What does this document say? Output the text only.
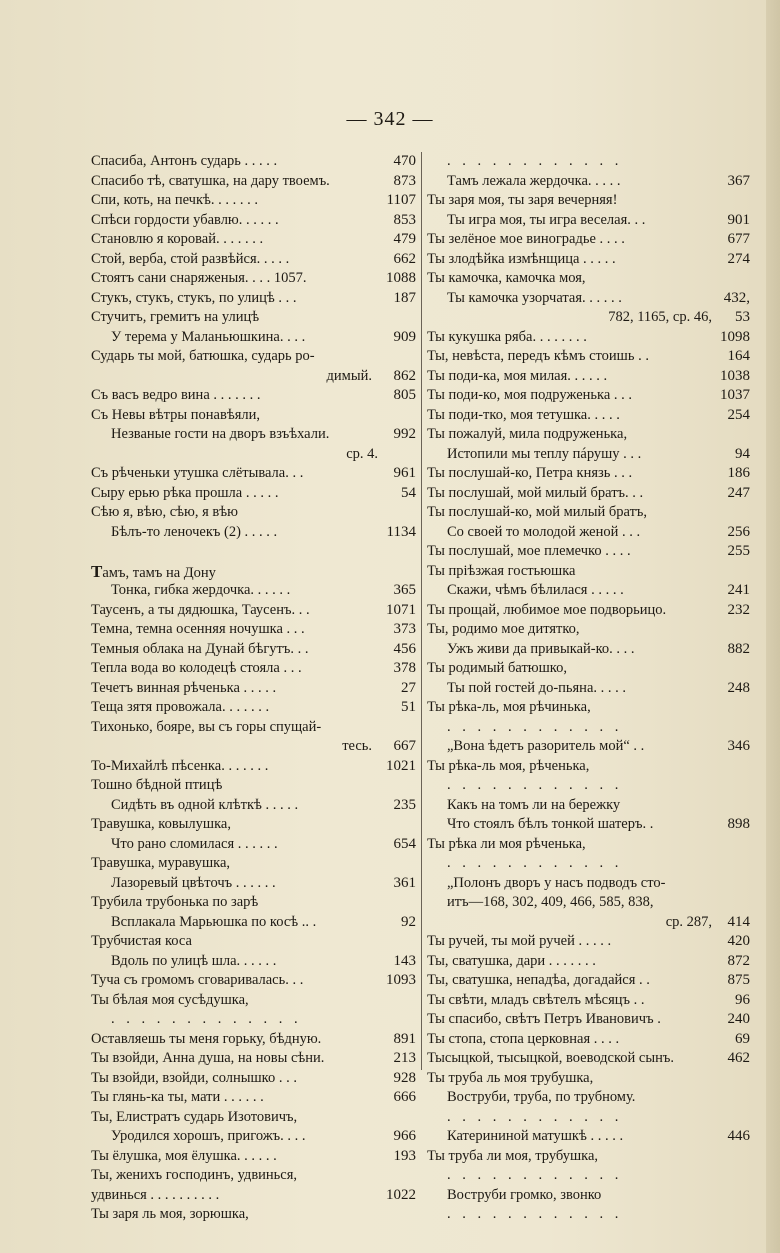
— 342 —
Спасиба, Антонъ сударь . . . . .	470
Спасибо тѣ, сватушка, на дару твоемъ.	873
Спи, коть, на печкѣ. . . . . . .	1107
Спѣси гордости убавлю. . . . . .	853
Становлю я коровай. . . . . . .	479
Стой, верба, стой развѣйся. . . . .	662
Стоятъ сани снаряженыя. . . . 1057.	1088
Стукъ, стукъ, стукъ, по улицѣ . . .	187
Стучитъ, гремитъ на улицѣ
У терема у Маланьюшкина. . . .	909
Сударь ты мой, батюшка, сударь ро-
димый. 862
Съ васъ ведро вина . . . . . . .	805
Съ Невы вѣтры понавѣяли,
Незваные гости на дворъ взъѣхали.	992
ср. 4.
Съ рѣченьки утушка слётывала. . .	961
Сыру ерью рѣка прошла . . . . .	54
Сѣю я, вѣю, сѣю, я вѣю
Бѣлъ-то леночекъ (2) . . . . .	1134
Тамъ, тамъ на Дону
Тонка, гибка жердочка. . . . . .	365
Таусенъ, а ты дядюшка, Таусенъ. . .	1071
Темна, темна осенняя ночушка . . .	373
Темныя облака на Дунай бѣгутъ. . .	456
Тепла вода во колодецѣ стояла . . .	378
Течетъ винная рѣченька . . . . .	27
Теща зятя провожала. . . . . . .	51
Тихонько, бояре, вы съ горы спущай-
тесь. 667
То-Михайлѣ пѣсенка. . . . . . .	1021
Тошно бѣдной птицѣ
Сидѣть въ одной клѣткѣ . . . . .	235
Травушка, ковылушка,
Что рано сломилася . . . . . .	654
Травушка, муравушка,
Лазоревый цвѣточъ . . . . . .	361
Трубила трубонька по зарѣ
Всплакала Марьюшка по косѣ .. .	92
Трубчистая коса
Вдоль по улицѣ шла. . . . . .	143
Туча съ громомъ сговаривалась. . .	1093
Ты бѣлая моя сусѣдушка,
. . . . . . . . . . . . .
Оставляешь ты меня горьку, бѣдную.	891
Ты взойди, Анна душа, на новы сѣни.	213
Ты взойди, взойди, солнышко . . .	928
Ты глянь-ка ты, мати . . . . . .	666
Ты, Елистратъ сударь Изотовичъ,
Уродился хорошъ, пригожъ. . . .	966
Ты ёлушка, моя ёлушка. . . . . .	193
Ты, женихъ господинъ, удвинься,
удвинься . . . . . . . . . .	1022
Ты заря ль моя, зорюшка,
. . . . . . . . . . . .
Тамъ лежала жердочка. . . . .	367
Ты заря моя, ты заря вечерняя!
Ты игра моя, ты игра веселая. . .	901
Ты зелёное мое виноградье . . . .	677
Ты злодѣйка измѣнщица . . . . .	274
Ты камочка, камочка моя,
Ты камочка узорчатая. . . . . .	432,
782, 1165, ср. 46, 53
Ты кукушка ряба. . . . . . . .	1098
Ты, невѣста, передъ кѣмъ стоишь . .	164
Ты поди-ка, моя милая. . . . . .	1038
Ты поди-ко, моя подруженька . . .	1037
Ты поди-тко, моя тетушка. . . . .	254
Ты пожалуй, мила подруженька,
Истопили мы теплу пáрушу . . .	94
Ты послушай-ко, Петра князь . . .	186
Ты послушай, мой милый братъ. . .	247
Ты послушай-ко, мой милый братъ,
Со своей то молодой женой . . .	256
Ты послушай, мое племечко . . . .	255
Ты пріѣзжая гостьюшка
Скажи, чѣмъ бѣлилася . . . . .	241
Ты прощай, любимое мое подворьицо.	232
Ты, родимо мое дитятко,
Ужъ живи да привыкай-ко. . . .	882
Ты родимый батюшко,
Ты пой гостей до-пьяна. . . . .	248
Ты рѣка-ль, моя рѣчинька,
. . . . . . . . . . . .
„Вона ѣдетъ разоритель мой“ . .	346
Ты рѣка-ль моя, рѣченька,
. . . . . . . . . . . .
Какъ на томъ ли на бережку
Что стоялъ бѣлъ тонкой шатеръ. .	898
Ты рѣка ли моя рѣченька,
. . . . . . . . . . . .
„Полонъ дворъ у насъ подводъ сто-
итъ—168, 302, 409, 466, 585, 838,
ср. 287, 414
Ты ручей, ты мой ручей . . . . .	420
Ты, сватушка, дари . . . . . . .	872
Ты, сватушка, непадѣа, догадайся . .	875
Ты свѣти, младъ свѣтелъ мѣсяцъ . .	96
Ты спасибо, свѣтъ Петръ Ивановичъ .	240
Ты стопа, стопа церковная . . . .	69
Тысыцкой, тысыцкой, воеводской сынъ.	462
Ты труба ль моя трубушка,
Воструби, труба, по трубному.
. . . . . . . . . . . .
Катерининой матушкѣ . . . . .	446
Ты труба ли моя, трубушка,
. . . . . . . . . . . .
Воструби громко, звонко
. . . . . . . . . . . .
